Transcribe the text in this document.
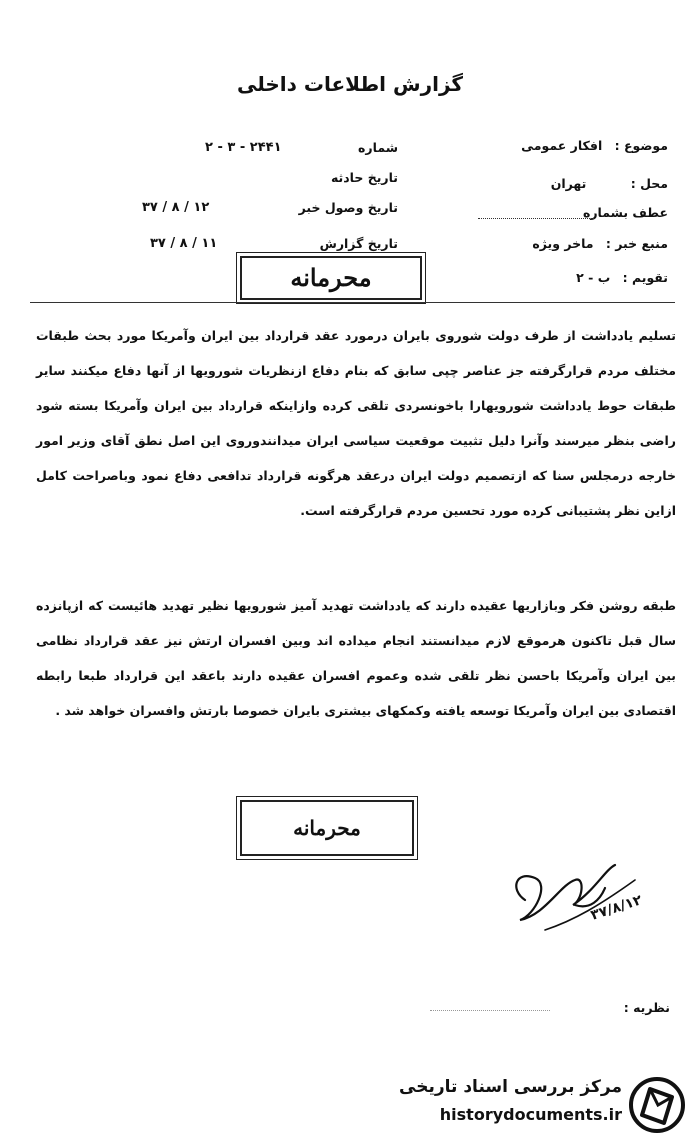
گزارش اطلاعات داخلی
موضوع : افکار عمومی
محل : تهران
عطف بشماره
منبع خبر : ماخر ویژه
تقویم : ب - ۲
شماره
۲ - ۳ - ۲۴۴۱
تاریخ حادثه
تاریخ وصول خبر
۳۷ / ۸ / ۱۲
تاریخ گزارش
۳۷ / ۸ / ۱۱
محرمانه
تسلیم یادداشت از طرف دولت شوروی بایران درمورد عقد قرارداد بین ایران وآمریکا مورد بحث طبقات مختلف مردم قرارگرفته جز عناصر چپی سابق که بنام دفاع ازنظریات شورویها از آنها دفاع میکنند سایر طبقات حوط یادداشت شورویهارا باخونسردی تلقی کرده وازاینکه قرارداد بین ایران وآمریکا بسته شود راضی بنظر میرسند وآنرا دلیل تثبیت موقعیت سیاسی ایران میدانندوروی این اصل نطق آقای وزیر امور خارجه درمجلس سنا که ازتصمیم دولت ایران درعقد هرگونه قرارداد تدافعی دفاع نمود وباصراحت کامل ازاین نظر پشتیبانی کرده مورد تحسین مردم قرارگرفته است.
طبقه روشن فکر وبازاریها عقیده دارند که یادداشت تهدید آمیز شورویها نظیر تهدید هائیست که ازپانزده سال قبل تاکنون هرموقع لازم میدانستند انجام میداده اند وبین افسران ارتش نیز عقد قرارداد نظامی بین ایران وآمریکا باحسن نظر تلقی شده وعموم افسران عقیده دارند باعقد این قرارداد طبعا رابطه اقتصادی بین ایران وآمریکا توسعه یافته وکمکهای بیشتری بایران خصوصا بارتش وافسران خواهد شد .
محرمانه
۳۷/۸/۱۲
نظریه :
مرکز بررسی اسناد تاریخی
historydocuments.ir
